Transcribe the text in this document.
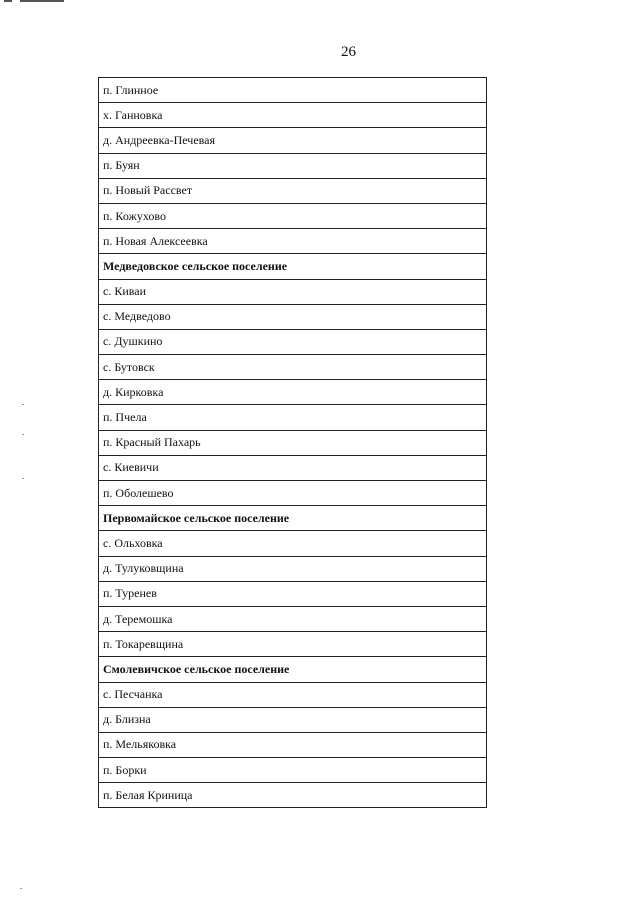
26
п. Глинное
х. Ганновка
д. Андреевка-Печевая
п. Буян
п. Новый Рассвет
п. Кожухово
п. Новая Алексеевка
Медведовское сельское поселение
с. Киваи
с. Медведово
с. Душкино
с. Бутовск
д. Кирковка
п. Пчела
п. Красный Пахарь
с. Киевичи
п. Оболешево
Первомайское сельское поселение
с. Ольховка
д. Тулуковщина
п. Туренев
д. Теремошка
п. Токаревщина
Смолевичское сельское поселение
с. Песчанка
д. Близна
п. Мельяковка
п. Борки
п. Белая Криница
